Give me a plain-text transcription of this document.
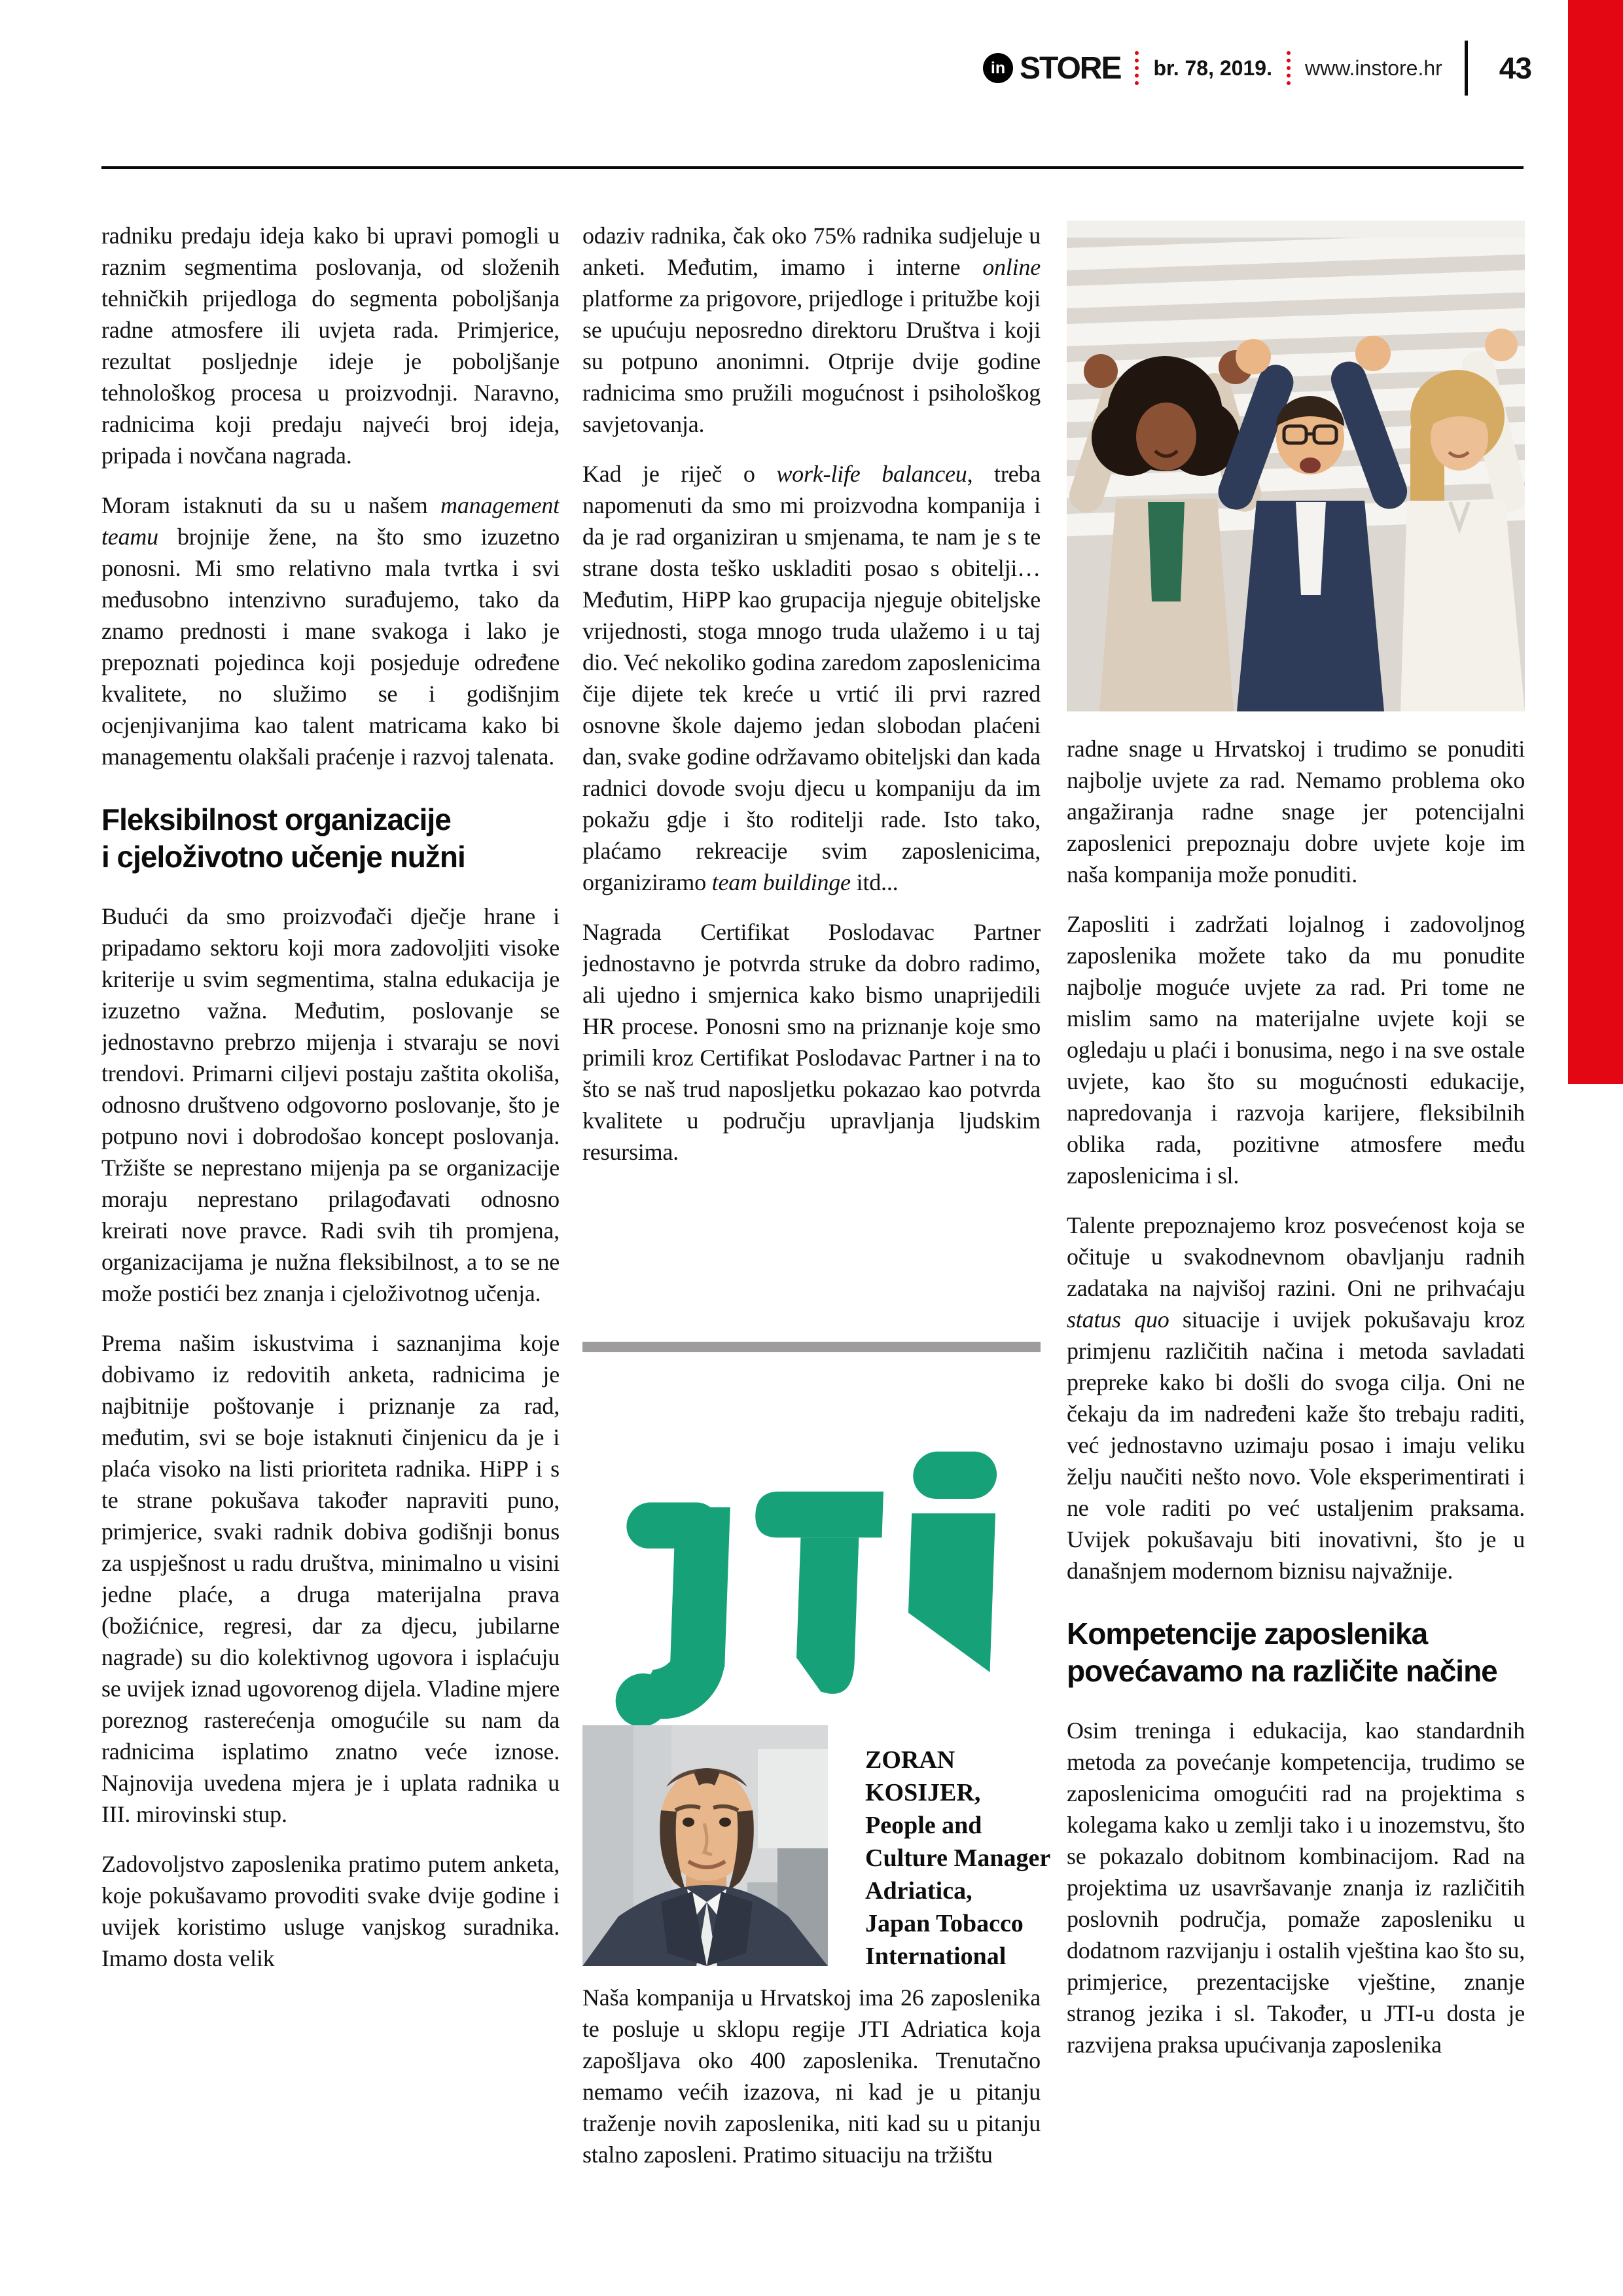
in STORE br. 78, 2019. www.instore.hr 43

radniku predaju ideja kako bi upravi pomogli u raznim segmentima poslovanja, od složenih tehničkih prijedloga do segmenta poboljšanja radne atmosfere ili uvjeta rada. Primjerice, rezultat posljednje ideje je poboljšanje tehnološkog procesa u proizvodnji. Naravno, radnicima koji predaju najveći broj ideja, pripada i novčana nagrada.

Moram istaknuti da su u našem management teamu brojnije žene, na što smo izuzetno ponosni. Mi smo relativno mala tvrtka i svi međusobno intenzivno surađujemo, tako da znamo prednosti i mane svakoga i lako je prepoznati pojedinca koji posjeduje određene kvalitete, no služimo se i godišnjim ocjenjivanjima kao talent matricama kako bi managementu olakšali praćenje i razvoj talenata.

Fleksibilnost organizacije
i cjeloživotno učenje nužni

Budući da smo proizvođači dječje hrane i pripadamo sektoru koji mora zadovoljiti visoke kriterije u svim segmentima, stalna edukacija je izuzetno važna. Međutim, poslovanje se jednostavno prebrzo mijenja i stvaraju se novi trendovi. Primarni ciljevi postaju zaštita okoliša, odnosno društveno odgovorno poslovanje, što je potpuno novi i dobrodošao koncept poslovanja. Tržište se neprestano mijenja pa se organizacije moraju neprestano prilagođavati odnosno kreirati nove pravce. Radi svih tih promjena, organizacijama je nužna fleksibilnost, a to se ne može postići bez znanja i cjeloživotnog učenja.

Prema našim iskustvima i saznanjima koje dobivamo iz redovitih anketa, radnicima je najbitnije poštovanje i priznanje za rad, međutim, svi se boje istaknuti činjenicu da je i plaća visoko na listi prioriteta radnika. HiPP i s te strane pokušava također napraviti puno, primjerice, svaki radnik dobiva godišnji bonus za uspješnost u radu društva, minimalno u visini jedne plaće, a druga materijalna prava (božićnice, regresi, dar za djecu, jubilarne nagrade) su dio kolektivnog ugovora i isplaćuju se uvijek iznad ugovorenog dijela. Vladine mjere poreznog rasterećenja omogućile su nam da radnicima isplatimo znatno veće iznose. Najnovija uvedena mjera je i uplata radnika u III. mirovinski stup.

Zadovoljstvo zaposlenika pratimo putem anketa, koje pokušavamo provoditi svake dvije godine i uvijek koristimo usluge vanjskog suradnika. Imamo dosta velik

odaziv radnika, čak oko 75% radnika sudjeluje u anketi. Međutim, imamo i interne online platforme za prigovore, prijedloge i pritužbe koji se upućuju neposredno direktoru Društva i koji su potpuno anonimni. Otprije dvije godine radnicima smo pružili mogućnost i psihološkog savjetovanja.

Kad je riječ o work-life balanceu, treba napomenuti da smo mi proizvodna kompanija i da je rad organiziran u smjenama, te nam je s te strane dosta teško uskladiti posao s obitelji… Međutim, HiPP kao grupacija njeguje obiteljske vrijednosti, stoga mnogo truda ulažemo i u taj dio. Već nekoliko godina zaredom zaposlenicima čije dijete tek kreće u vrtić ili prvi razred osnovne škole dajemo jedan slobodan plaćeni dan, svake godine održavamo obiteljski dan kada radnici dovode svoju djecu u kompaniju da im pokažu gdje i što roditelji rade. Isto tako, plaćamo rekreacije svim zaposlenicima, organiziramo team buildinge itd...

Nagrada Certifikat Poslodavac Partner jednostavno je potvrda struke da dobro radimo, ali ujedno i smjernica kako bismo unaprijedili HR procese. Ponosni smo na priznanje koje smo primili kroz Certifikat Poslodavac Partner i na to što se naš trud naposljetku pokazao kao potvrda kvalitete u području upravljanja ljudskim resursima.

ZORAN
KOSIJER,
People and
Culture Manager
Adriatica,
Japan Tobacco
International

Naša kompanija u Hrvatskoj ima 26 zaposlenika te posluje u sklopu regije JTI Adriatica koja zapošljava oko 400 zaposlenika. Trenutačno nemamo većih izazova, ni kad je u pitanju traženje novih zaposlenika, niti kad su u pitanju stalno zaposleni. Pratimo situaciju na tržištu

radne snage u Hrvatskoj i trudimo se ponuditi najbolje uvjete za rad. Nemamo problema oko angažiranja radne snage jer potencijalni zaposlenici prepoznaju dobre uvjete koje im naša kompanija može ponuditi.

Zaposliti i zadržati lojalnog i zadovoljnog zaposlenika možete tako da mu ponudite najbolje moguće uvjete za rad. Pri tome ne mislim samo na materijalne uvjete koji se ogledaju u plaći i bonusima, nego i na sve ostale uvjete, kao što su mogućnosti edukacije, napredovanja i razvoja karijere, fleksibilnih oblika rada, pozitivne atmosfere među zaposlenicima i sl.

Talente prepoznajemo kroz posvećenost koja se očituje u svakodnevnom obavljanju radnih zadataka na najvišoj razini. Oni ne prihvaćaju status quo situacije i uvijek pokušavaju kroz primjenu različitih načina i metoda savladati prepreke kako bi došli do svoga cilja. Oni ne čekaju da im nadređeni kaže što trebaju raditi, već jednostavno uzimaju posao i imaju veliku želju naučiti nešto novo. Vole eksperimentirati i ne vole raditi po već ustaljenim praksama. Uvijek pokušavaju biti inovativni, što je u današnjem modernom biznisu najvažnije.

Kompetencije zaposlenika
povećavamo na različite načine

Osim treninga i edukacija, kao standardnih metoda za povećanje kompetencija, trudimo se zaposlenicima omogućiti rad na projektima s kolegama kako u zemlji tako i u inozemstvu, što se pokazalo dobitnom kombinacijom. Rad na projektima uz usavršavanje znanja iz različitih poslovnih područja, pomaže zaposleniku u dodatnom razvijanju i ostalih vještina kao što su, primjerice, prezentacijske vještine, znanje stranog jezika i sl. Također, u JTI-u dosta je razvijena praksa upućivanja zaposlenika
